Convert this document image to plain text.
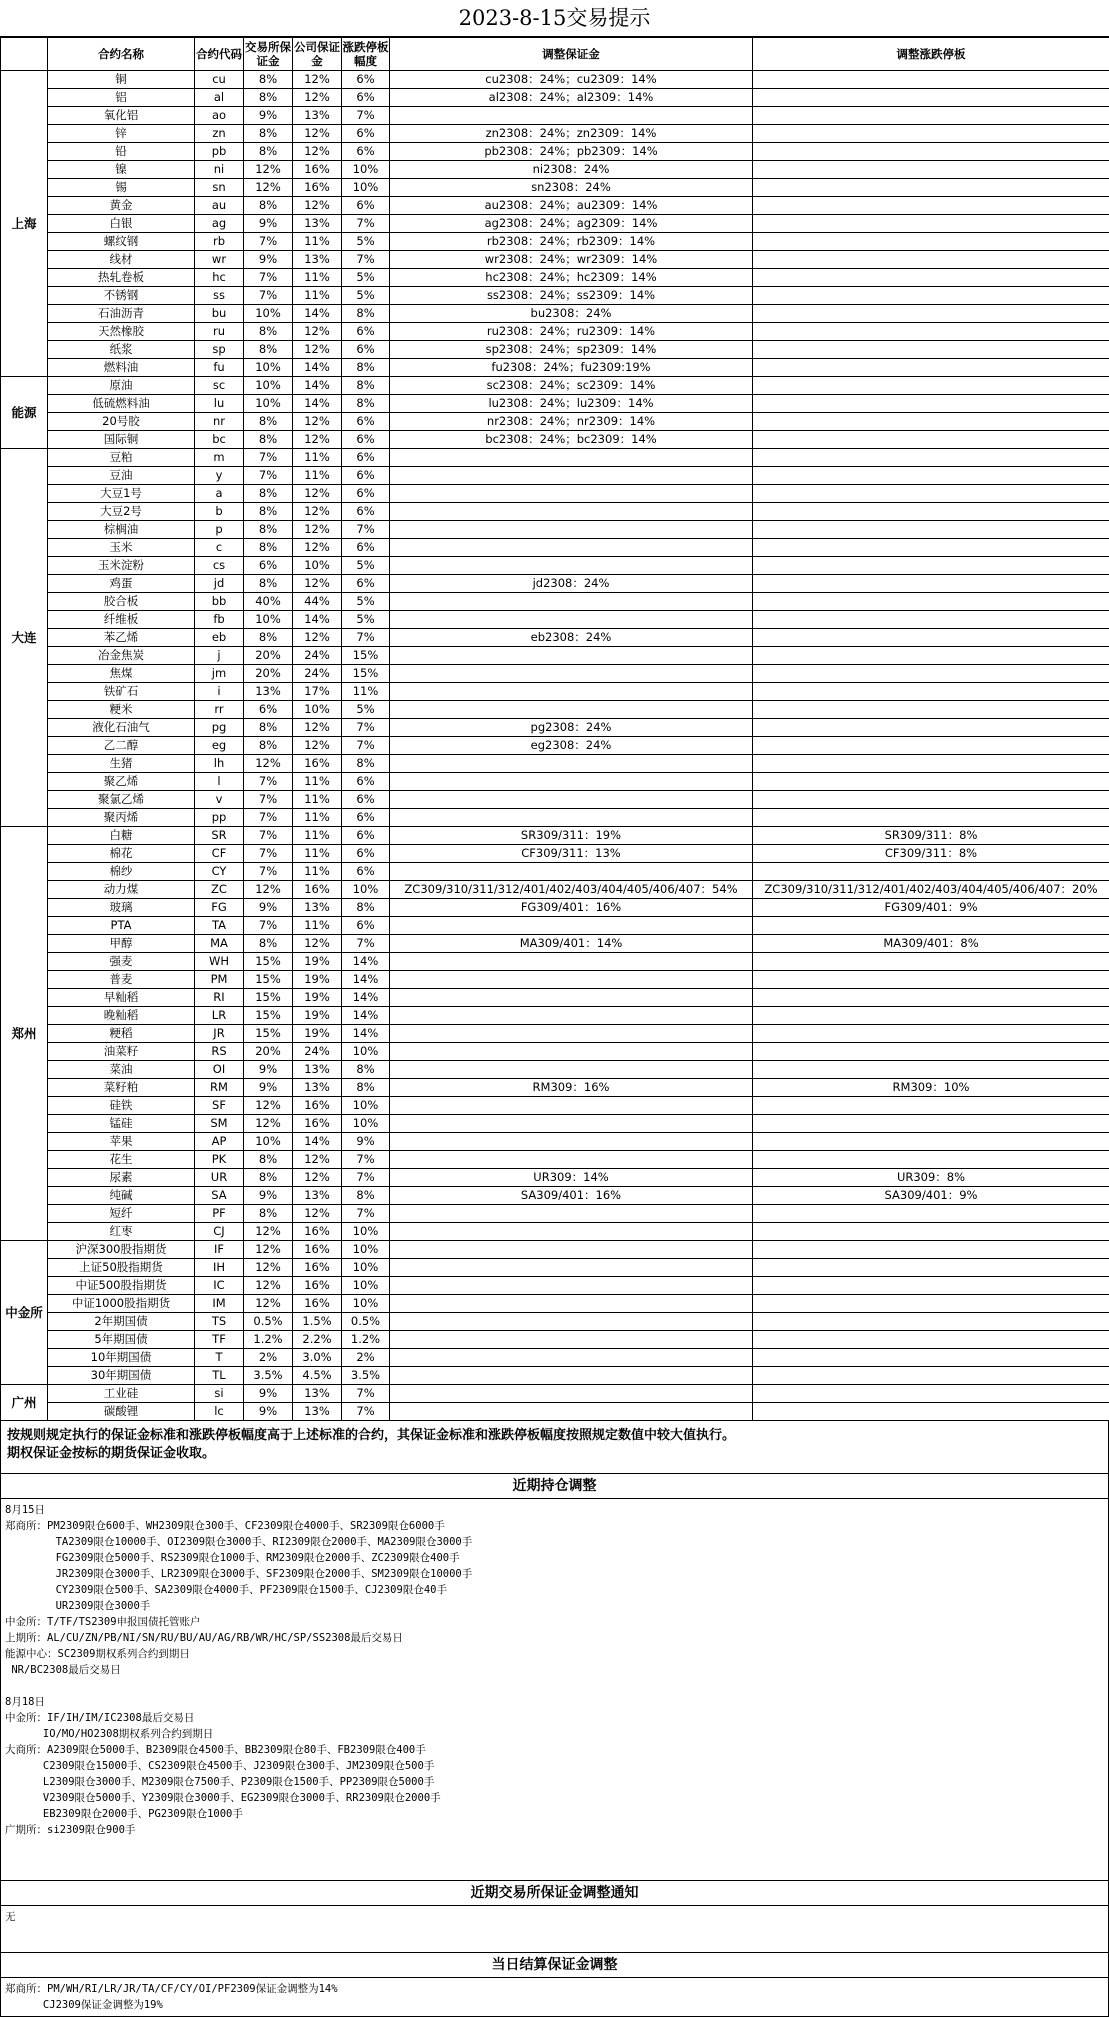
2023-8-15交易提示
	合约名称	合约代码	交易所保证金	公司保证金	涨跌停板幅度	调整保证金	调整涨跌停板
上海	铜	cu	8%	12%	6%	cu2308：24%；cu2309：14%	
	铝	al	8%	12%	6%	al2308：24%；al2309：14%	
	氧化铝	ao	9%	13%	7%		
	锌	zn	8%	12%	6%	zn2308：24%；zn2309：14%	
	铅	pb	8%	12%	6%	pb2308：24%；pb2309：14%	
	镍	ni	12%	16%	10%	ni2308：24%	
	锡	sn	12%	16%	10%	sn2308：24%	
	黄金	au	8%	12%	6%	au2308：24%；au2309：14%	
	白银	ag	9%	13%	7%	ag2308：24%；ag2309：14%	
	螺纹钢	rb	7%	11%	5%	rb2308：24%；rb2309：14%	
	线材	wr	9%	13%	7%	wr2308：24%；wr2309：14%	
	热轧卷板	hc	7%	11%	5%	hc2308：24%；hc2309：14%	
	不锈钢	ss	7%	11%	5%	ss2308：24%；ss2309：14%	
	石油沥青	bu	10%	14%	8%	bu2308：24%	
	天然橡胶	ru	8%	12%	6%	ru2308：24%；ru2309：14%	
	纸浆	sp	8%	12%	6%	sp2308：24%；sp2309：14%	
	燃料油	fu	10%	14%	8%	fu2308：24%；fu2309:19%	
能源	原油	sc	10%	14%	8%	sc2308：24%；sc2309：14%	
	低硫燃料油	lu	10%	14%	8%	lu2308：24%；lu2309：14%	
	20号胶	nr	8%	12%	6%	nr2308：24%；nr2309：14%	
	国际铜	bc	8%	12%	6%	bc2308：24%；bc2309：14%	
大连	豆粕	m	7%	11%	6%		
	豆油	y	7%	11%	6%		
	大豆1号	a	8%	12%	6%		
	大豆2号	b	8%	12%	6%		
	棕榈油	p	8%	12%	7%		
	玉米	c	8%	12%	6%		
	玉米淀粉	cs	6%	10%	5%		
	鸡蛋	jd	8%	12%	6%	jd2308：24%	
	胶合板	bb	40%	44%	5%		
	纤维板	fb	10%	14%	5%		
	苯乙烯	eb	8%	12%	7%	eb2308：24%	
	冶金焦炭	j	20%	24%	15%		
	焦煤	jm	20%	24%	15%		
	铁矿石	i	13%	17%	11%		
	粳米	rr	6%	10%	5%		
	液化石油气	pg	8%	12%	7%	pg2308：24%	
	乙二醇	eg	8%	12%	7%	eg2308：24%	
	生猪	lh	12%	16%	8%		
	聚乙烯	l	7%	11%	6%		
	聚氯乙烯	v	7%	11%	6%		
	聚丙烯	pp	7%	11%	6%		
郑州	白糖	SR	7%	11%	6%	SR309/311：19%	SR309/311：8%
	棉花	CF	7%	11%	6%	CF309/311：13%	CF309/311：8%
	棉纱	CY	7%	11%	6%		
	动力煤	ZC	12%	16%	10%	ZC309/310/311/312/401/402/403/404/405/406/407：54%	ZC309/310/311/312/401/402/403/404/405/406/407：20%
	玻璃	FG	9%	13%	8%	FG309/401：16%	FG309/401：9%
	PTA	TA	7%	11%	6%		
	甲醇	MA	8%	12%	7%	MA309/401：14%	MA309/401：8%
	强麦	WH	15%	19%	14%		
	普麦	PM	15%	19%	14%		
	早籼稻	RI	15%	19%	14%		
	晚籼稻	LR	15%	19%	14%		
	粳稻	JR	15%	19%	14%		
	油菜籽	RS	20%	24%	10%		
	菜油	OI	9%	13%	8%		
	菜籽粕	RM	9%	13%	8%	RM309：16%	RM309：10%
	硅铁	SF	12%	16%	10%		
	锰硅	SM	12%	16%	10%		
	苹果	AP	10%	14%	9%		
	花生	PK	8%	12%	7%		
	尿素	UR	8%	12%	7%	UR309：14%	UR309：8%
	纯碱	SA	9%	13%	8%	SA309/401：16%	SA309/401：9%
	短纤	PF	8%	12%	7%		
	红枣	CJ	12%	16%	10%		
中金所	沪深300股指期货	IF	12%	16%	10%		
	上证50股指期货	IH	12%	16%	10%		
	中证500股指期货	IC	12%	16%	10%		
	中证1000股指期货	IM	12%	16%	10%		
	2年期国债	TS	0.5%	1.5%	0.5%		
	5年期国债	TF	1.2%	2.2%	1.2%		
	10年期国债	T	2%	3.0%	2%		
	30年期国债	TL	3.5%	4.5%	3.5%		
广州	工业硅	si	9%	13%	7%		
	碳酸锂	lc	9%	13%	7%		
按规则规定执行的保证金标准和涨跌停板幅度高于上述标准的合约，其保证金标准和涨跌停板幅度按照规定数值中较大值执行。
期权保证金按标的期货保证金收取。
近期持仓调整
8月15日
郑商所：PM2309限仓600手、WH2309限仓300手、CF2309限仓4000手、SR2309限仓6000手
TA2309限仓10000手、OI2309限仓3000手、RI2309限仓2000手、MA2309限仓3000手
FG2309限仓5000手、RS2309限仓1000手、RM2309限仓2000手、ZC2309限仓400手
JR2309限仓3000手、LR2309限仓3000手、SF2309限仓2000手、SM2309限仓10000手
CY2309限仓500手、SA2309限仓4000手、PF2309限仓1500手、CJ2309限仓40手
UR2309限仓3000手
中金所：T/TF/TS2309申报国债托管账户
上期所：AL/CU/ZN/PB/NI/SN/RU/BU/AU/AG/RB/WR/HC/SP/SS2308最后交易日
能源中心：SC2309期权系列合约到期日
NR/BC2308最后交易日

8月18日
中金所：IF/IH/IM/IC2308最后交易日
IO/MO/HO2308期权系列合约到期日
大商所：A2309限仓5000手、B2309限仓4500手、BB2309限仓80手、FB2309限仓400手
C2309限仓15000手、CS2309限仓4500手、J2309限仓300手、JM2309限仓500手
L2309限仓3000手、M2309限仓7500手、P2309限仓1500手、PP2309限仓5000手
V2309限仓5000手、Y2309限仓3000手、EG2309限仓3000手、RR2309限仓2000手
EB2309限仓2000手、PG2309限仓1000手
广期所：si2309限仓900手
近期交易所保证金调整通知
无
当日结算保证金调整
郑商所：PM/WH/RI/LR/JR/TA/CF/CY/OI/PF2309保证金调整为14%
CJ2309保证金调整为19%
